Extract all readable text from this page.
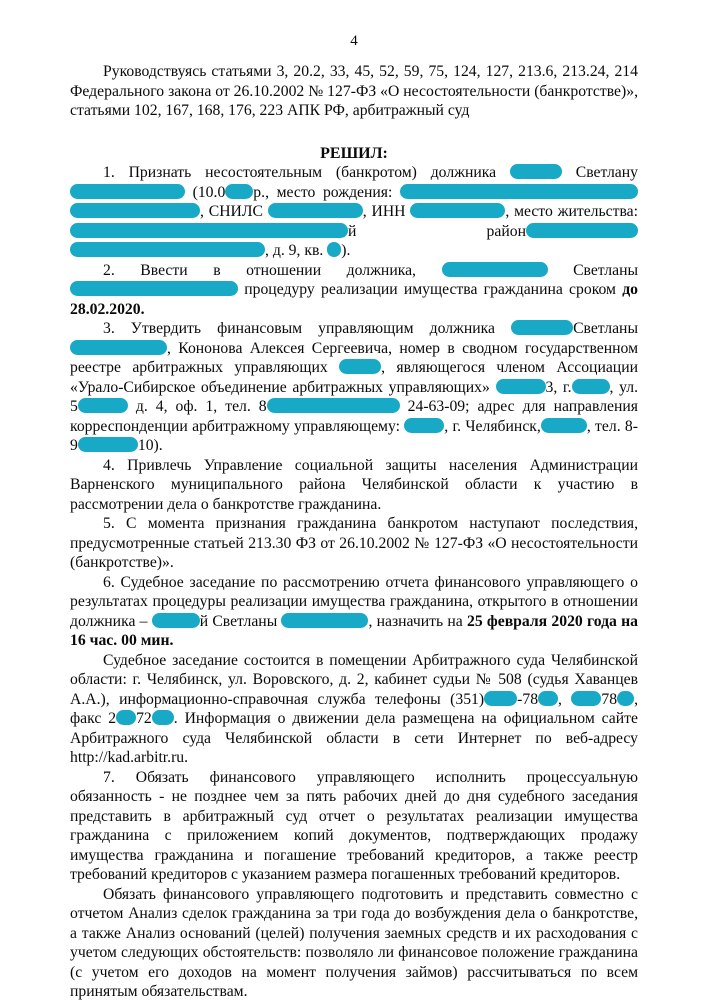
4

Руководствуясь статьями 3, 20.2, 33, 45, 52, 59, 75, 124, 127, 213.6, 213.24, 214 Федерального закона от 26.10.2002 № 127-ФЗ «О несостоятельности (банкротстве)», статьями 102, 167, 168, 176, 223 АПК РФ, арбитражный суд

РЕШИЛ:

1. Признать несостоятельным (банкротом) должника	Светлану  (10.0 р., место рождения:  , СНИЛС	, ИНН	, место жительства: й район , д. 9, кв. ).

2. Ввести в отношении должника,	Светланы  процедуру реализации имущества гражданина сроком до 28.02.2020.

3. Утвердить финансовым управляющим должника	Светланы , Кононова Алексея Сергеевича, номер в сводном государственном реестре арбитражных управляющих	, являющегося членом Ассоциации «Урало-Сибирское объединение арбитражных управляющих»	3, г. , ул. 5	д. 4, оф. 1, тел. 8	24-63-09; адрес для направления корреспонденции арбитражному управляющему:	, г. Челябинск,	, тел. 8-9	10).

4. Привлечь Управление социальной защиты населения Администрации Варненского муниципального района Челябинской области к участию в рассмотрении дела о банкротстве гражданина.

5. С момента признания гражданина банкротом наступают последствия, предусмотренные статьей 213.30 ФЗ от 26.10.2002 № 127-ФЗ «О несостоятельности (банкротстве)».

6. Судебное заседание по рассмотрению отчета финансового управляющего о результатах процедуры реализации имущества гражданина, открытого в отношении должника –	й Светланы	, назначить на 25 февраля 2020 года на 16 час. 00 мин.

Судебное заседание состоится в помещении Арбитражного суда Челябинской области: г. Челябинск, ул. Воровского, д. 2, кабинет судьи № 508 (судья Хаванцев А.А.), информационно-справочная служба телефоны (351) -78 , 78 , факс 2 72 . Информация о движении дела размещена на официальном сайте Арбитражного суда Челябинской области в сети Интернет по веб-адресу http://kad.arbitr.ru.

7. Обязать финансового управляющего исполнить процессуальную обязанность - не позднее чем за пять рабочих дней до дня судебного заседания представить в арбитражный суд отчет о результатах реализации имущества гражданина с приложением копий документов, подтверждающих продажу имущества гражданина и погашение требований кредиторов, а также реестр требований кредиторов с указанием размера погашенных требований кредиторов.

Обязать финансового управляющего подготовить и представить совместно с отчетом Анализ сделок гражданина за три года до возбуждения дела о банкротстве, а также Анализ оснований (целей) получения заемных средств и их расходования с учетом следующих обстоятельств: позволяло ли финансовое положение гражданина (с учетом его доходов на момент получения займов) рассчитываться по всем принятым обязательствам.
